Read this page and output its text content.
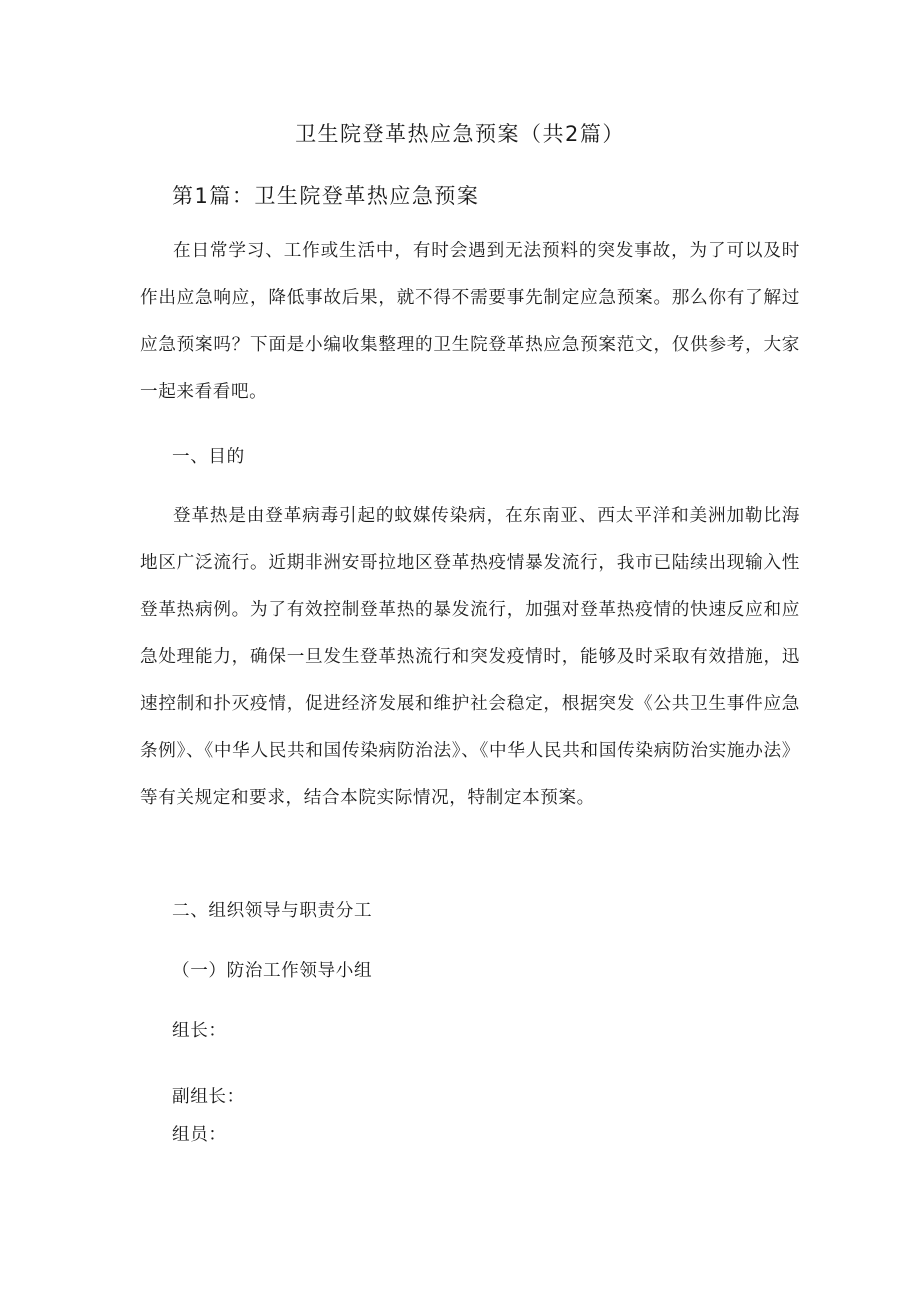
卫生院登革热应急预案（共2篇）
第1篇：卫生院登革热应急预案

在日常学习、工作或生活中，有时会遇到无法预料的突发事故，为了可以及时作出应急响应，降低事故后果，就不得不需要事先制定应急预案。那么你有了解过应急预案吗？下面是小编收集整理的卫生院登革热应急预案范文，仅供参考，大家一起来看看吧。

一、目的

登革热是由登革病毒引起的蚊媒传染病，在东南亚、西太平洋和美洲加勒比海地区广泛流行。近期非洲安哥拉地区登革热疫情暴发流行，我市已陆续出现输入性登革热病例。为了有效控制登革热的暴发流行，加强对登革热疫情的快速反应和应急处理能力，确保一旦发生登革热流行和突发疫情时，能够及时采取有效措施，迅速控制和扑灭疫情，促进经济发展和维护社会稳定，根据突发《公共卫生事件应急条例》、《中华人民共和国传染病防治法》、《中华人民共和国传染病防治实施办法》等有关规定和要求，结合本院实际情况，特制定本预案。

二、组织领导与职责分工
（一）防治工作领导小组

组长：

副组长：

组员：
